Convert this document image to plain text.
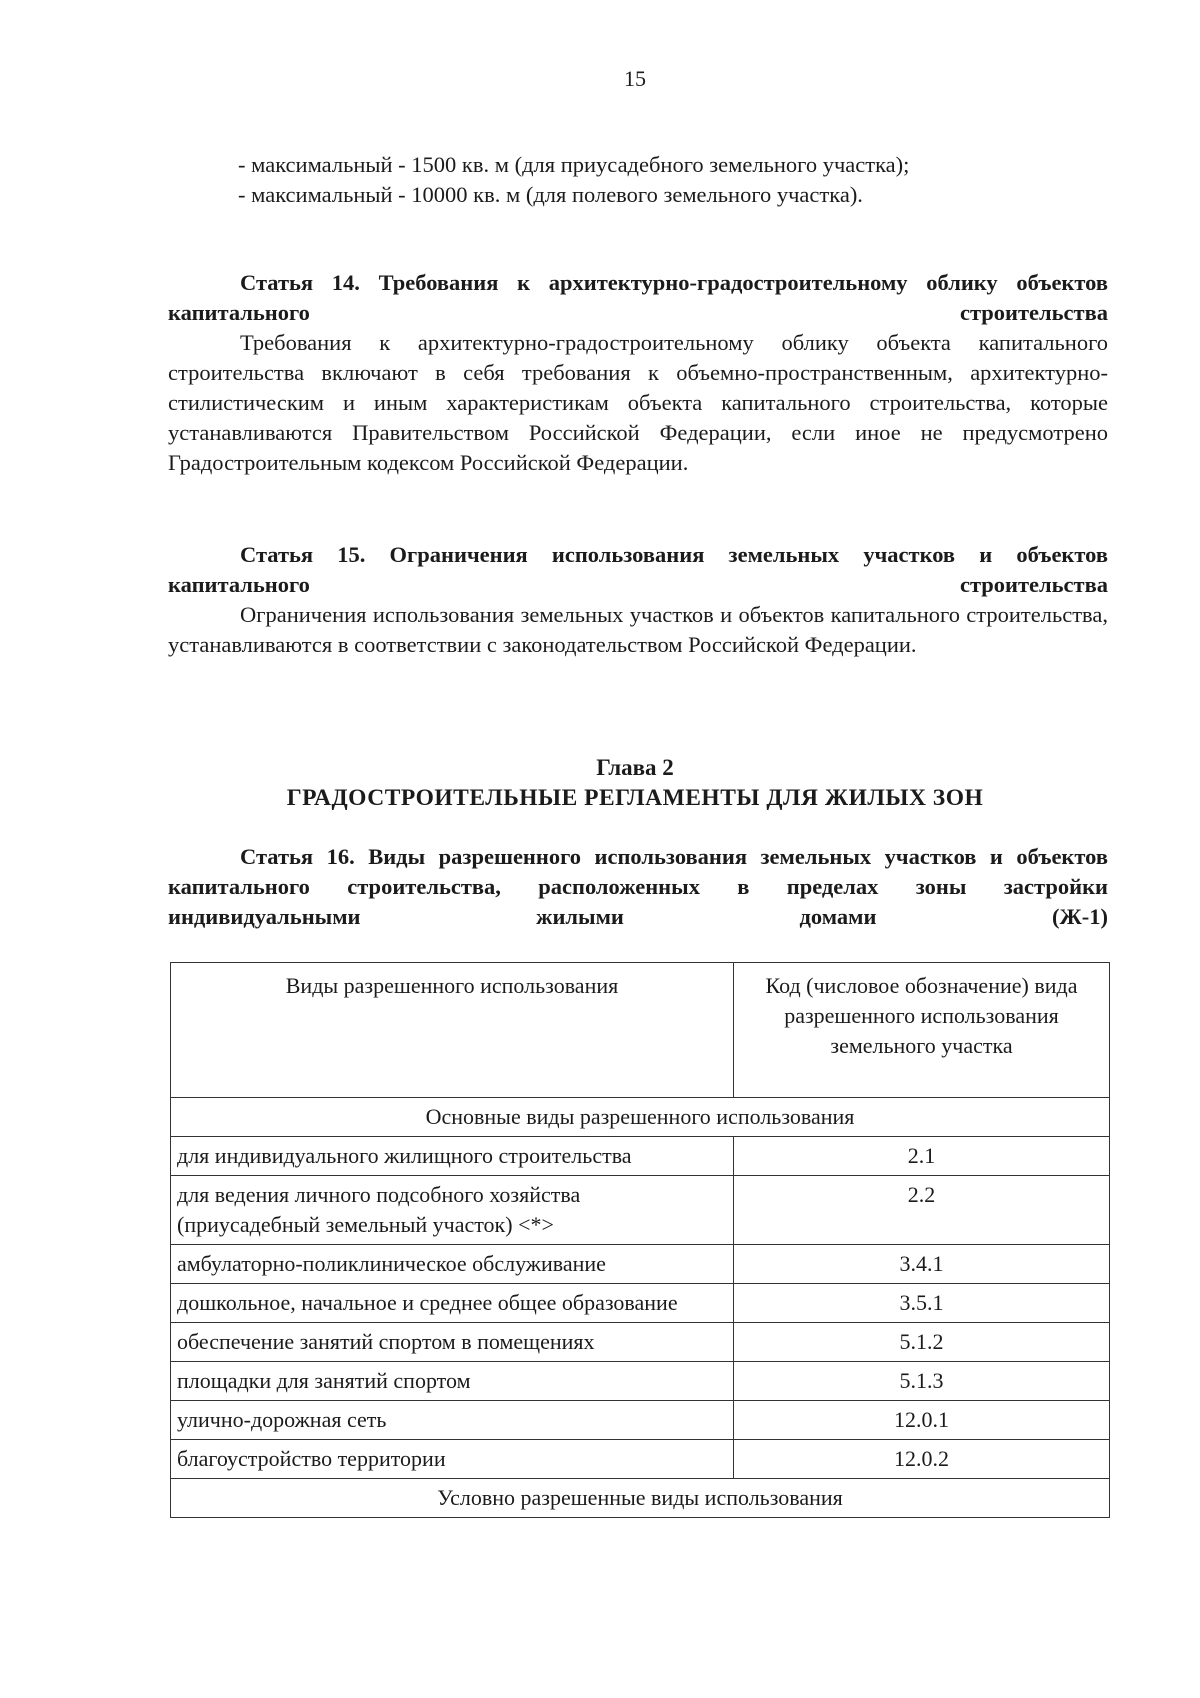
15
- максимальный - 1500 кв. м (для приусадебного земельного участка);
- максимальный - 10000 кв. м (для полевого земельного участка).

Статья 14. Требования к архитектурно-градостроительному облику объектов капитального строительства

Требования к архитектурно-градостроительному облику объекта капитального строительства включают в себя требования к объемно-пространственным, архитектурно-стилистическим и иным характеристикам объекта капитального строительства, которые устанавливаются Правительством Российской Федерации, если иное не предусмотрено Градостроительным кодексом Российской Федерации.

Статья 15. Ограничения использования земельных участков и объектов капитального строительства

Ограничения использования земельных участков и объектов капитального строительства, устанавливаются в соответствии с законодательством Российской Федерации.

Глава 2
ГРАДОСТРОИТЕЛЬНЫЕ РЕГЛАМЕНТЫ ДЛЯ ЖИЛЫХ ЗОН

Статья 16. Виды разрешенного использования земельных участков и объектов капитального строительства, расположенных в пределах зоны застройки индивидуальными жилыми домами (Ж-1)

Виды разрешенного использования	Код (числовое обозначение) вида разрешенного использования земельного участка
Основные виды разрешенного использования	
для индивидуального жилищного строительства	2.1
для ведения личного подсобного хозяйства (приусадебный земельный участок) <*>	2.2
амбулаторно-поликлиническое обслуживание	3.4.1
дошкольное, начальное и среднее общее образование	3.5.1
обеспечение занятий спортом в помещениях	5.1.2
площадки для занятий спортом	5.1.3
улично-дорожная сеть	12.0.1
благоустройство территории	12.0.2
Условно разрешенные виды использования	
